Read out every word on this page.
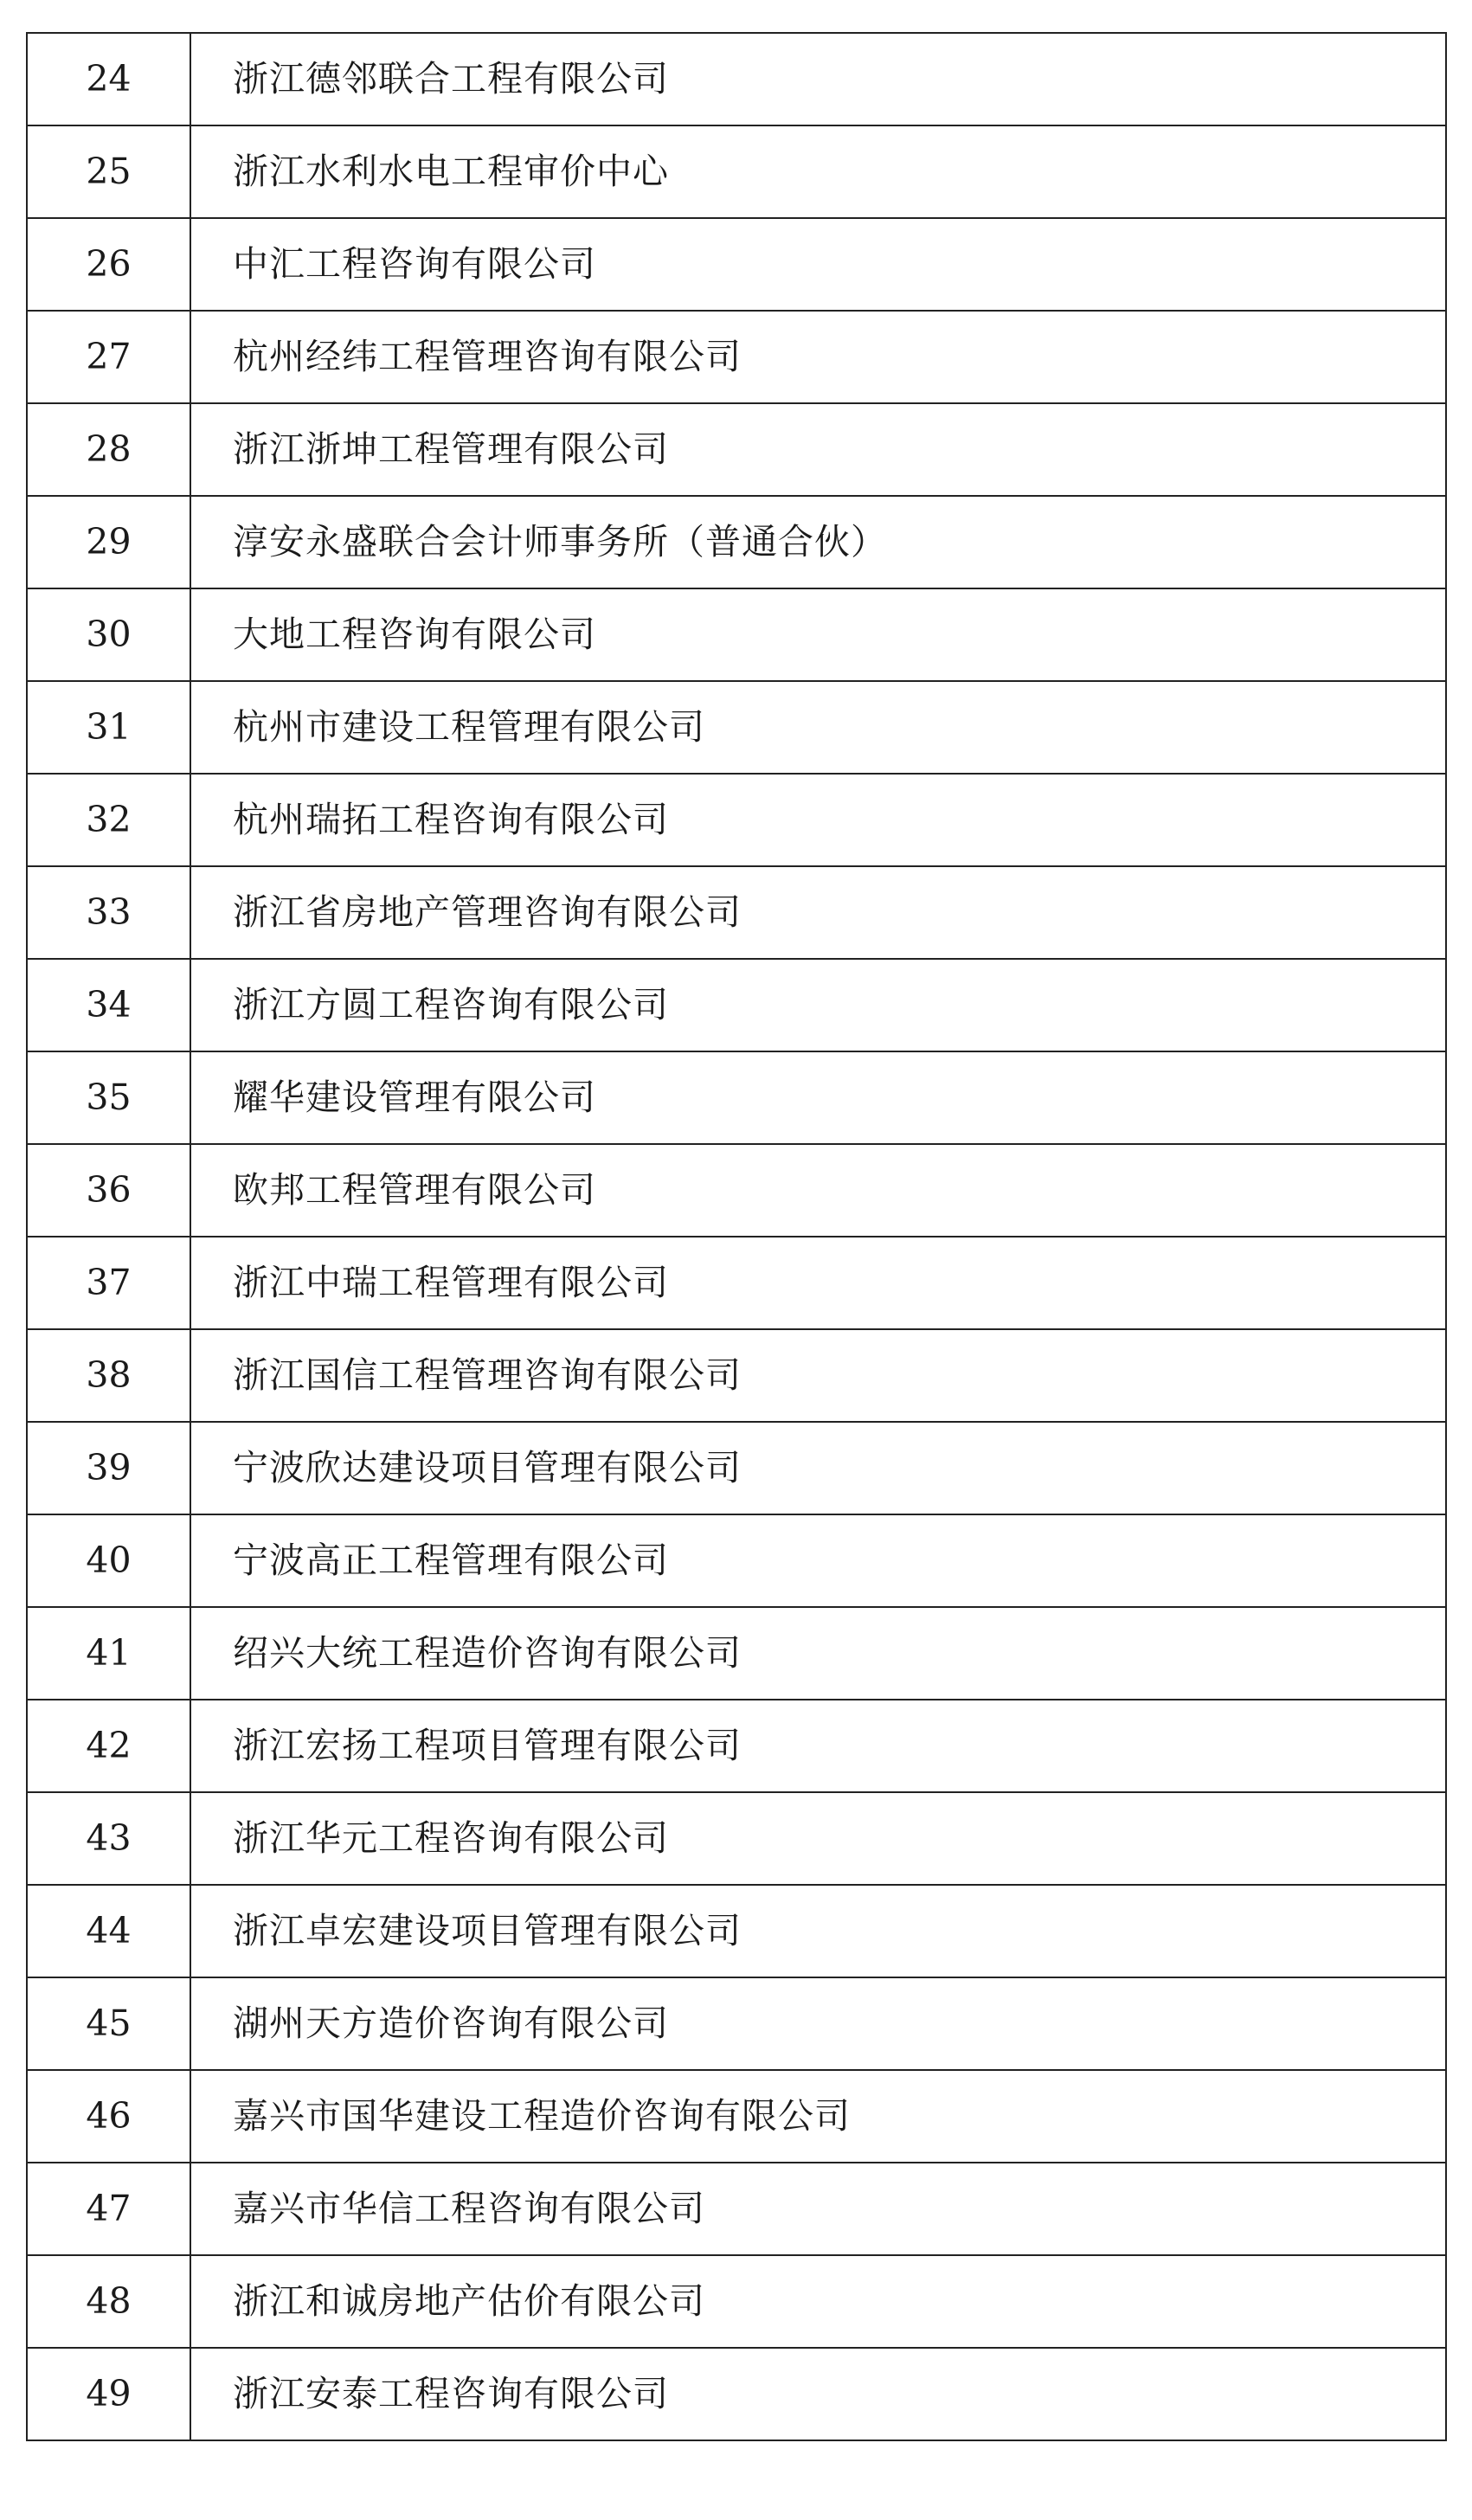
24	浙江德邻联合工程有限公司
25	浙江水利水电工程审价中心
26	中汇工程咨询有限公司
27	杭州经纬工程管理咨询有限公司
28	浙江浙坤工程管理有限公司
29	淳安永盛联合会计师事务所（普通合伙）
30	大地工程咨询有限公司
31	杭州市建设工程管理有限公司
32	杭州瑞拓工程咨询有限公司
33	浙江省房地产管理咨询有限公司
34	浙江方圆工程咨询有限公司
35	耀华建设管理有限公司
36	欧邦工程管理有限公司
37	浙江中瑞工程管理有限公司
38	浙江国信工程管理咨询有限公司
39	宁波欣达建设项目管理有限公司
40	宁波高正工程管理有限公司
41	绍兴大统工程造价咨询有限公司
42	浙江宏扬工程项目管理有限公司
43	浙江华元工程咨询有限公司
44	浙江卓宏建设项目管理有限公司
45	湖州天方造价咨询有限公司
46	嘉兴市国华建设工程造价咨询有限公司
47	嘉兴市华信工程咨询有限公司
48	浙江和诚房地产估价有限公司
49	浙江安泰工程咨询有限公司
